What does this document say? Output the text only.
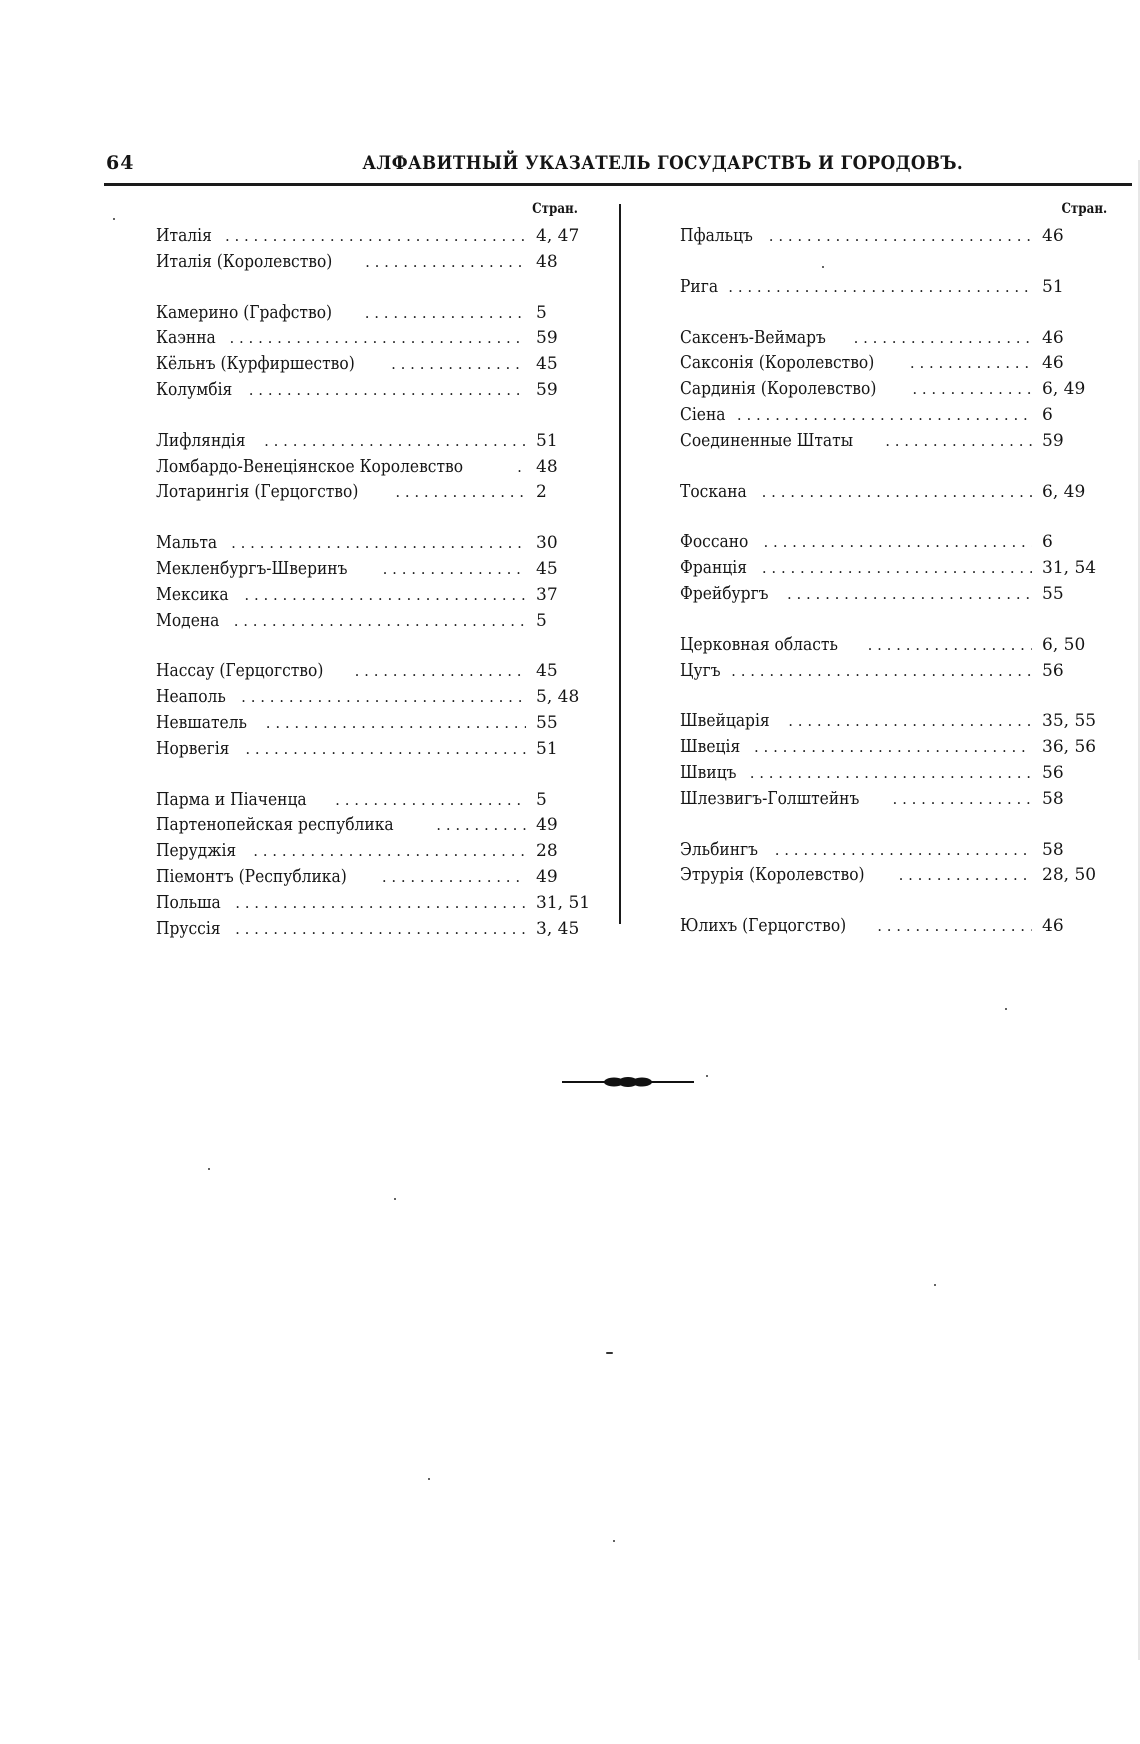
64	АЛФАВИТНЫЙ УКАЗАТЕЛЬ ГОСУДАРСТВЪ И ГОРОДОВЪ.
Стран.
Италія . . .	4, 47
Италія (Королевство) . . .	48
Камерино (Графство) . . .	5
Каэнна . . .	59
Кёльнъ (Курфиршество) . . .	45
Колумбія . . .	59
Лифляндія . . .	51
Ломбардо-Венеціянское Королевство . . .	48
Лотарингія (Герцогство) . . .	2
Мальта . . .	30
Мекленбургъ-Шверинъ . . .	45
Мексика . . .	37
Модена . . .	5
Нассау (Герцогство) . . .	45
Неаполь . . .	5, 48
Невшатель . . .	55
Норвегія . . .	51
Парма и Піаченца . . .	5
Партенопейская республика . . .	49
Перуджія . . .	28
Піемонтъ (Республика) . . .	49
Польша . . .	31, 51
Пруссія . . .	3, 45
Стран.
Пфальцъ . . .	46
Рига . . .	51
Саксенъ-Веймаръ . . .	46
Саксонія (Королевство) . . .	46
Сардинія (Королевство) . . .	6, 49
Сіена . . .	6
Соединенные Штаты . . .	59
Тоскана . . .	6, 49
Фоссано . . .	6
Франція . . .	31, 54
Фрейбургъ . . .	55
Церковная область . . .	6, 50
Цугъ . . .	56
Швейцарія . . .	35, 55
Швеція . . .	36, 56
Швицъ . . .	56
Шлезвигъ-Голштейнъ . . .	58
Эльбингъ . . .	58
Этрурія (Королевство) . . .	28, 50
Юлихъ (Герцогство) . . .	46
